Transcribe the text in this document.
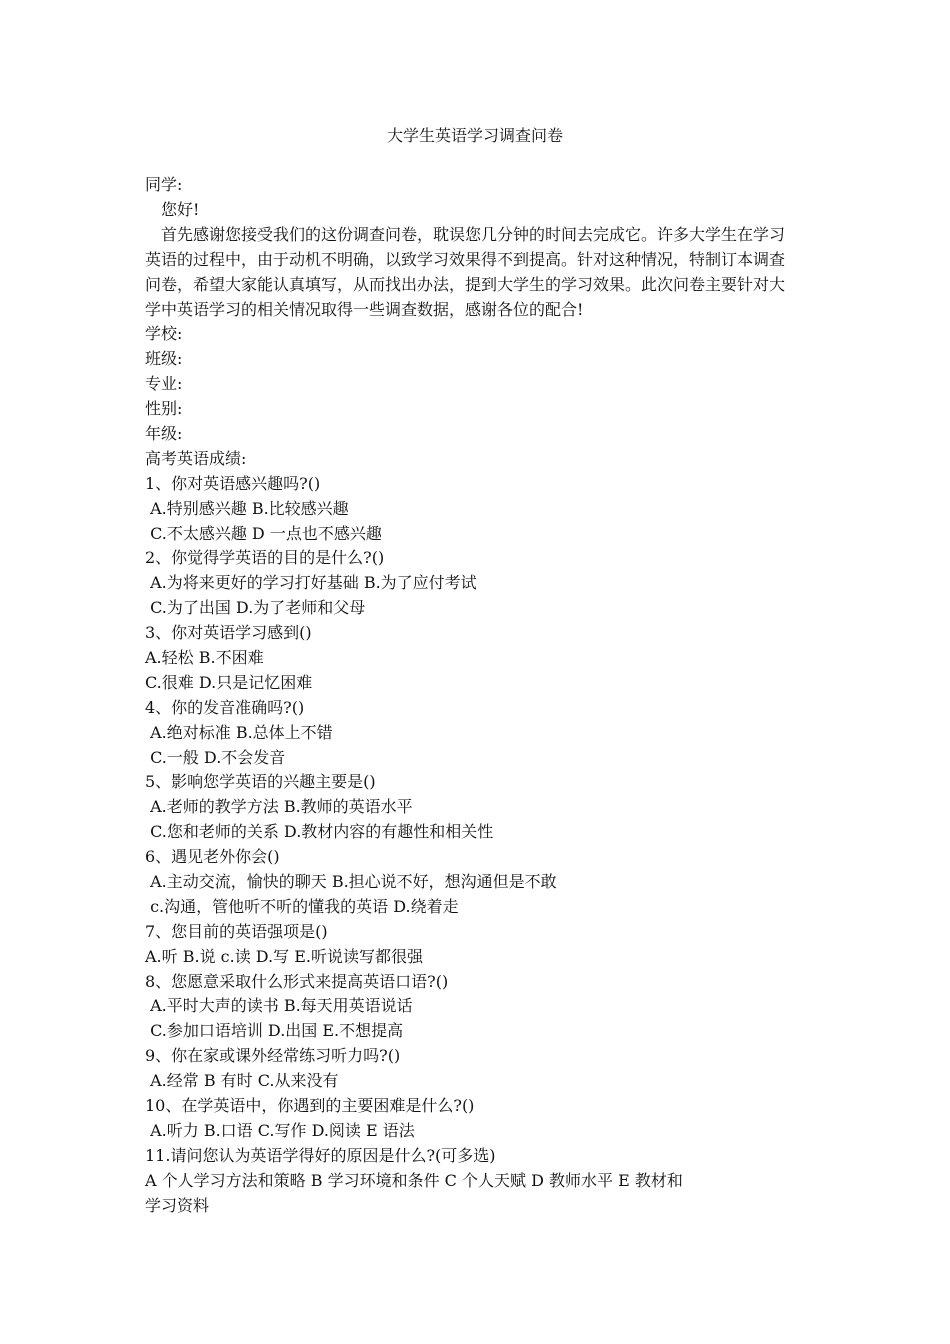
大学生英语学习调查问卷
同学:
您好!
首先感谢您接受我们的这份调查问卷，耽误您几分钟的时间去完成它。许多大学生在学习英语的过程中，由于动机不明确，以致学习效果得不到提高。针对这种情况，特制订本调查问卷，希望大家能认真填写，从而找出办法，提到大学生的学习效果。此次问卷主要针对大学中英语学习的相关情况取得一些调查数据，感谢各位的配合!
学校:
班级:
专业:
性别:
年级:
高考英语成绩:
1、你对英语感兴趣吗?()
A.特别感兴趣 B.比较感兴趣
C.不太感兴趣 D 一点也不感兴趣
2、你觉得学英语的目的是什么?()
A.为将来更好的学习打好基础 B.为了应付考试
C.为了出国 D.为了老师和父母
3、你对英语学习感到()
A.轻松 B.不困难
C.很难 D.只是记忆困难
4、你的发音准确吗?()
A.绝对标准 B.总体上不错
C.一般 D.不会发音
5、影响您学英语的兴趣主要是()
A.老师的教学方法 B.教师的英语水平
C.您和老师的关系 D.教材内容的有趣性和相关性
6、遇见老外你会()
A.主动交流，愉快的聊天 B.担心说不好，想沟通但是不敢
c.沟通，管他听不听的懂我的英语 D.绕着走
7、您目前的英语强项是()
A.听 B.说 c.读 D.写 E.听说读写都很强
8、您愿意采取什么形式来提高英语口语?()
A.平时大声的读书 B.每天用英语说话
C.参加口语培训 D.出国 E.不想提高
9、你在家或课外经常练习听力吗?()
A.经常 B 有时 C.从来没有
10、在学英语中，你遇到的主要困难是什么?()
A.听力 B.口语 C.写作 D.阅读 E 语法
11.请问您认为英语学得好的原因是什么?(可多选)
A 个人学习方法和策略 B 学习环境和条件 C 个人天赋 D 教师水平 E 教材和
学习资料
